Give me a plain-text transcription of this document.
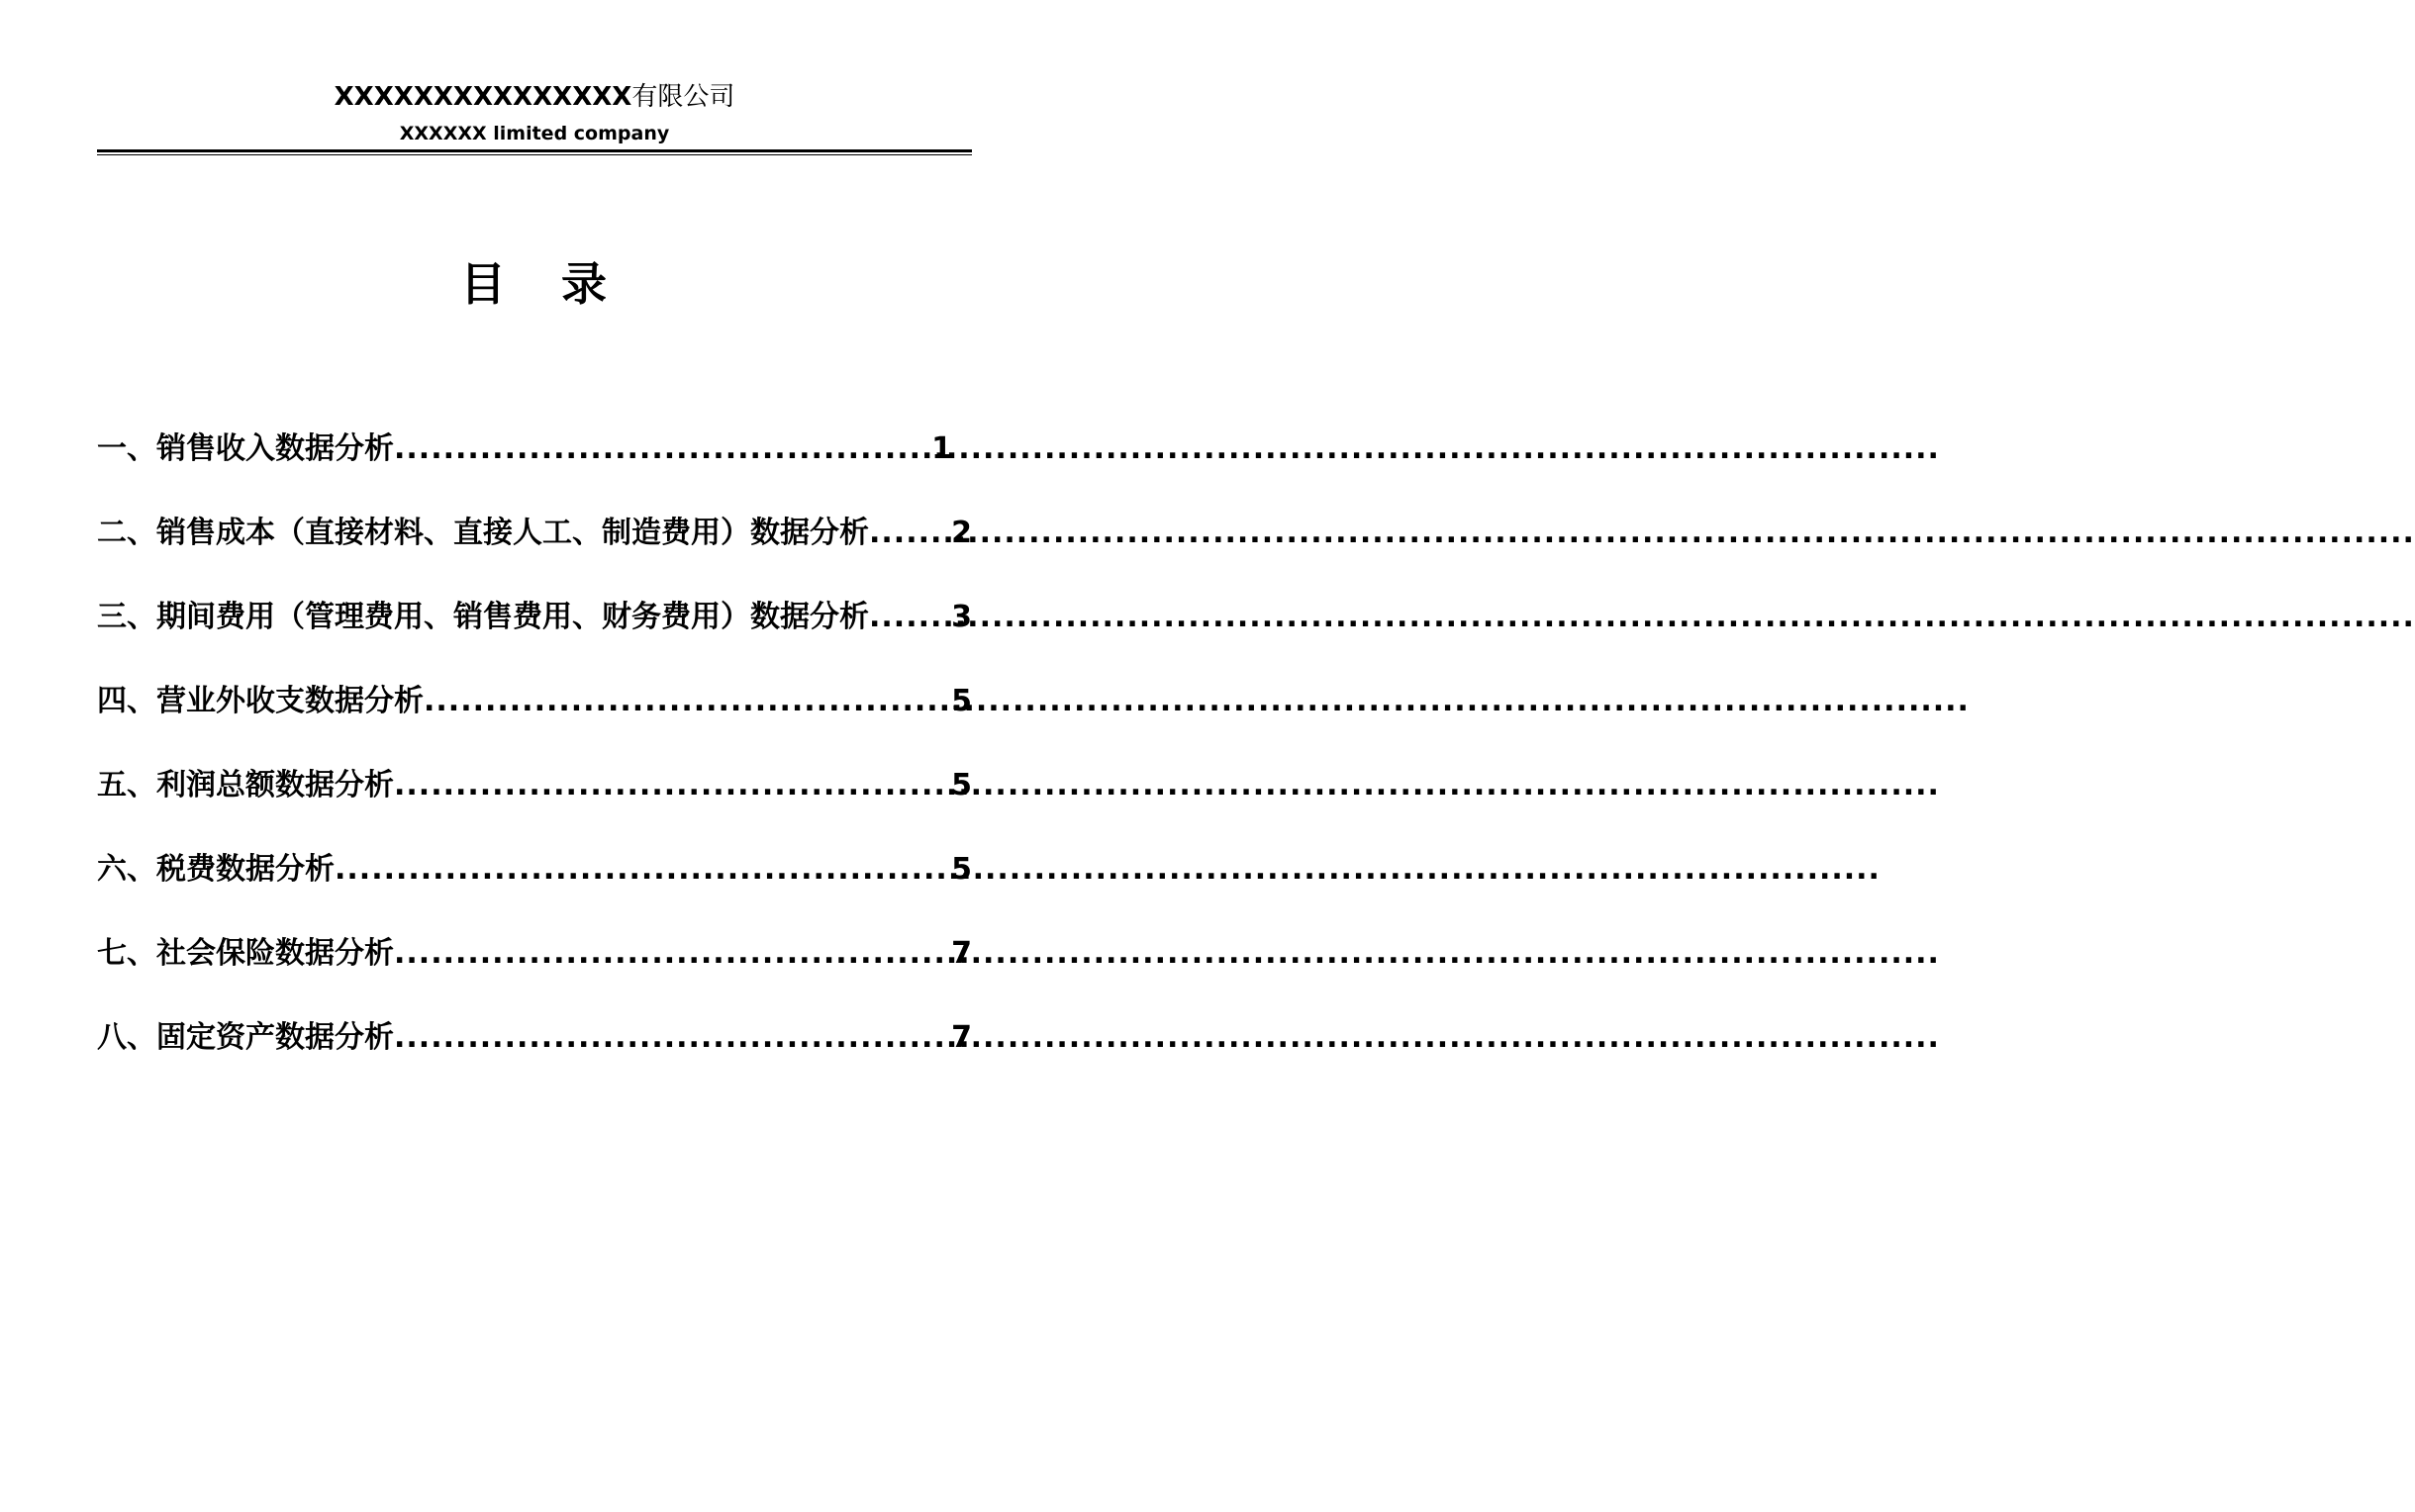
XXXXXXXXXXXXXXX有限公司
XXXXXX limited company
目   录
一、销售收入数据分析 .....	1
二、销售成本（直接材料、直接人工、制造费用）数据分析 .....	2
三、期间费用（管理费用、销售费用、财务费用）数据分析 .....	3
四、营业外收支数据分析 .....	5
五、利润总额数据分析 .....	5
六、税费数据分析 .....	5
七、社会保险数据分析 .....	7
八、固定资产数据分析 .....	7
